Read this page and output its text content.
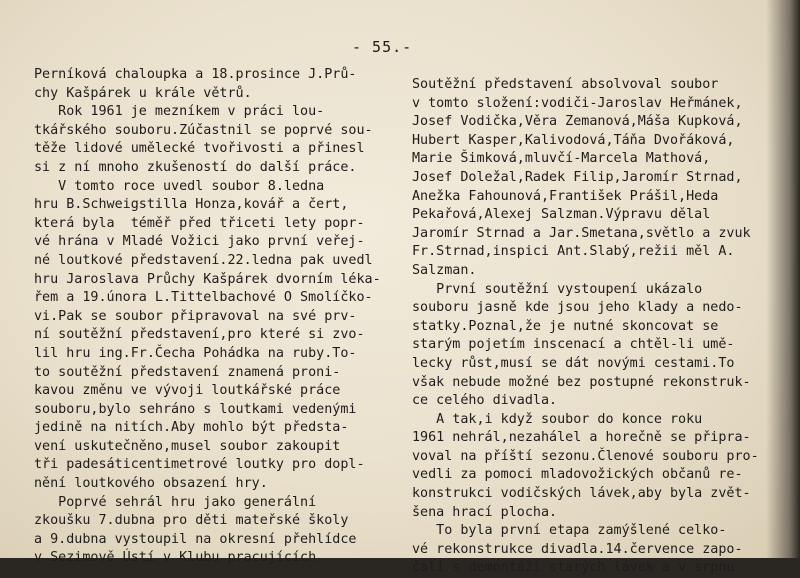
- 55.-
Perníková chaloupka a 18.prosince J.Prů-
chy Kašpárek u krále větrů.
Rok 1961 je mezníkem v práci lou-
tkářského souboru.Zúčastnil se poprvé sou-
těže lidové umělecké tvořivosti a přinesl
si z ní mnoho zkušeností do další práce.
V tomto roce uvedl soubor 8.ledna
hru B.Schweigstilla Honza,kovář a čert,
která byla  téměř před třiceti lety popr-
vé hrána v Mladé Vožici jako první veřej-
né loutkové představení.22.ledna pak uvedl
hru Jaroslava Průchy Kašpárek dvorním léka-
řem a 19.února L.Tittelbachové O Smolíčko-
vi.Pak se soubor připravoval na své prv-
ní soutěžní představení,pro které si zvo-
lil hru ing.Fr.Čecha Pohádka na ruby.To-
to soutěžní představení znamená proni-
kavou změnu ve vývoji loutkářské práce
souboru,bylo sehráno s loutkami vedenými
jedině na nitích.Aby mohlo být předsta-
vení uskutečněno,musel soubor zakoupit
tři padesáticentimetrové loutky pro dopl-
nění loutkového obsazení hry.
Poprvé sehrál hru jako generální
zkoušku 7.dubna pro děti mateřské školy
a 9.dubna vystoupil na okresní přehlídce
v Sezimově Ústí v Klubu pracujících.
Soutěžní představení absolvoval soubor
v tomto složení:vodiči-Jaroslav Heřmánek,
Josef Vodička,Věra Zemanová,Máša Kupková,
Hubert Kasper,Kalivodová,Táňa Dvořáková,
Marie Šimková,mluvčí-Marcela Mathová,
Josef Doležal,Radek Filip,Jaromír Strnad,
Anežka Fahounová,František Prášil,Hedа
Pekařová,Alexej Salzman.Výpravu dělal
Jaromír Strnad a Jar.Smetana,světlo a zvuk
Fr.Strnad,inspici Ant.Slabý,režii měl A.
Salzman.
První soutěžní vystoupení ukázalo
souboru jasně kde jsou jeho klady a nedo-
statky.Poznal,že je nutné skoncovat se
starým pojetím inscenací a chtěl-li umě-
lecky růst,musí se dát novými cestami.To
však nebude možné bez postupné rekonstruk-
ce celého divadla.
A tak,i když soubor do konce roku
1961 nehrál,nezahálel a horečně se připra-
voval na příští sezonu.Členové souboru pro-
vedli za pomoci mladovožických občanů re-
konstrukci vodičských lávek,aby byla zvět-
šena hrací plocha.
To byla první etapa zamýšlené celko-
vé rekonstrukce divadla.14.července zapo-
čali s demontáží starých lávek a v srpnu
